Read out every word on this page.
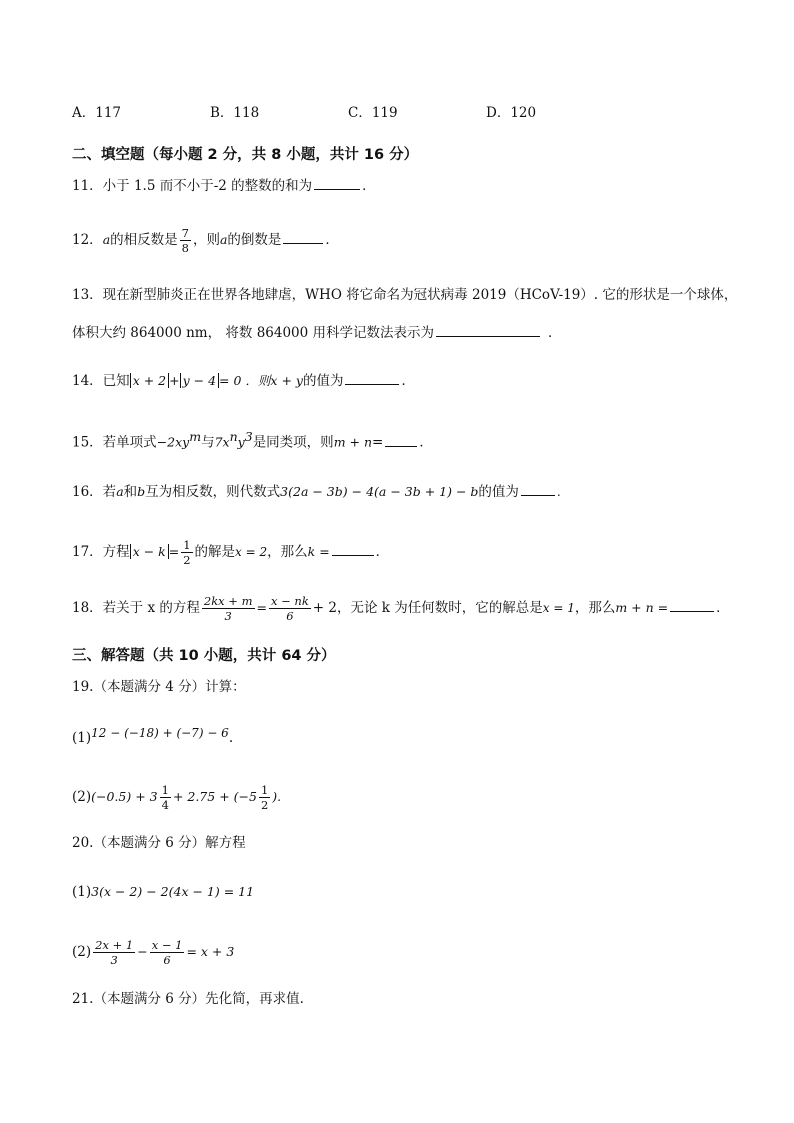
A．117	B．118	C．119	D．120
二、填空题（每小题 2 分，共 8 小题，共计 16 分）
11．小于 1.5 而不小于-2 的整数的和为	．
12．a的相反数是 $\frac{7}{8}$ ，则a的倒数是	．
13．现在新型肺炎正在世界各地肆虐，WHO 将它命名为冠状病毒 2019（HCoV-19）. 它的形状是一个球体，
体积大约 864000 nm， 将数 864000 用科学记数法表示为	．
14．已知 x + 2 + y − 4 = 0 ．则x + y的值为	．
15．若单项式$-2xy^m$与$7x^ny^3$是同类项，则m + n=	．
16．若a和b互为相反数，则代数式3(2a − 3b) − 4(a − 3b + 1) − b的值为	.
17．方程 $x - k = \frac{1}{2}$ 的解是x = 2，那么k =	．
18．若关于 x 的方程 $\frac{2kx + m}{3} = \frac{x - nk}{6} + 2$，无论 k 为任何数时，它的解总是x = 1，那么m + n =	．
三、解答题（共 10 小题，共计 64 分）
19.（本题满分 4 分）计算：
(1)12 − (−18) + (−7) − 6.
$(2)(-0.5) + 3 \frac{1}{4} + 2.75 + (-5 \frac{1}{2}$ ).
20.（本题满分 6 分）解方程
(1)3(x − 2) − 2(4x − 1) = 11
$(2) \frac{2x + 1}{3} - \frac{x - 1}{6} = x + 3$
21.（本题满分 6 分）先化简，再求值.
